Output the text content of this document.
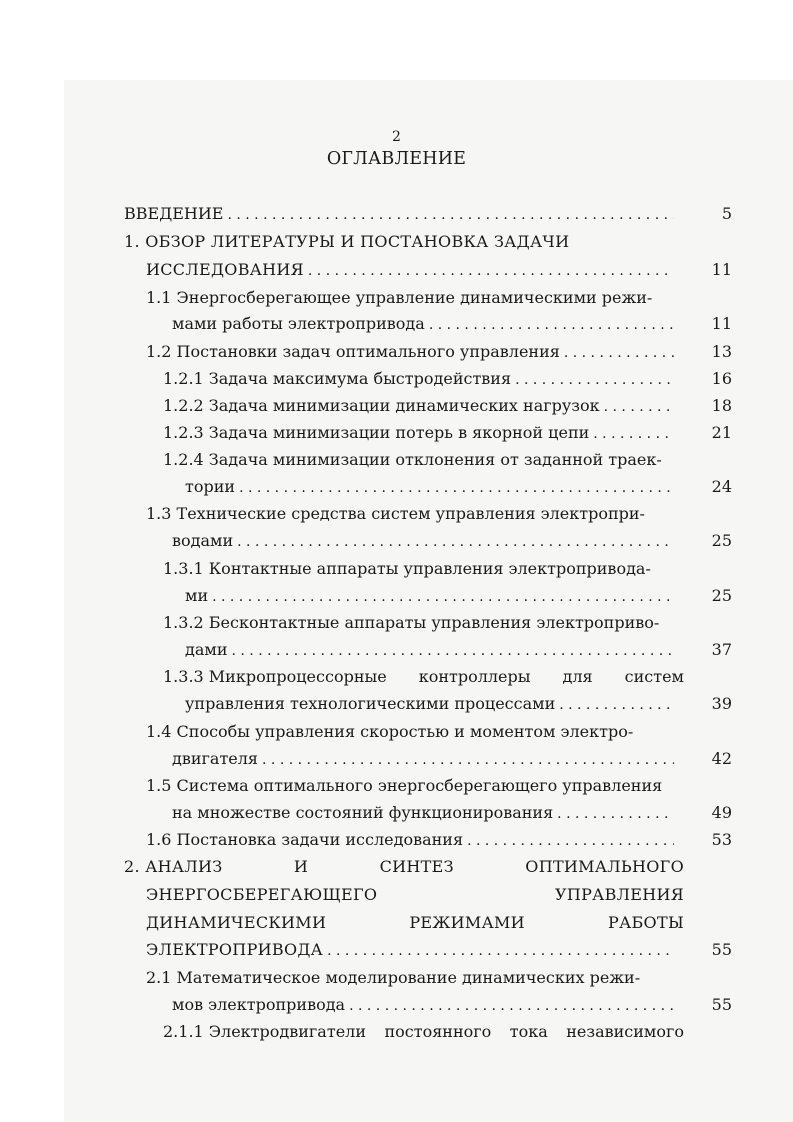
2
ОГЛАВЛЕНИЕ
ВВЕДЕНИЕ . . .	5
1. ОБЗОР ЛИТЕРАТУРЫ И ПОСТАНОВКА ЗАДАЧИ
ИССЛЕДОВАНИЯ . . .	11
1.1 Энергосберегающее управление динамическими режи-
мами работы электропривода . . .	11
1.2 Постановки задач оптимального управления . . .	13
1.2.1 Задача максимума быстродействия . . .	16
1.2.2 Задача минимизации динамических нагрузок . . .	18
1.2.3 Задача минимизации потерь в якорной цепи . . .	21
1.2.4 Задача минимизации отклонения от заданной траек-
тории . . .	24
1.3 Технические средства систем управления электропри-
водами . . .	25
1.3.1 Контактные аппараты управления электропривода-
ми . . .	25
1.3.2 Бесконтактные аппараты управления электроприво-
дами . . .	37
1.3.3 Микропроцессорные контроллеры для систем
управления технологическими процессами . . .	39
1.4 Способы управления скоростью и моментом электро-
двигателя . . .	42
1.5 Система оптимального энергосберегающего управления
на множестве состояний функционирования . . .	49
1.6 Постановка задачи исследования . . .	53
2. АНАЛИЗ	И	СИНТЕЗ	ОПТИМАЛЬНОГО
ЭНЕРГОСБЕРЕГАЮЩЕГО	УПРАВЛЕНИЯ
ДИНАМИЧЕСКИМИ	РЕЖИМАМИ	РАБОТЫ
ЭЛЕКТРОПРИВОДА . . .	55
2.1 Математическое моделирование динамических режи-
мов электропривода . . .	55
2.1.1 Электродвигатели постоянного тока независимого
